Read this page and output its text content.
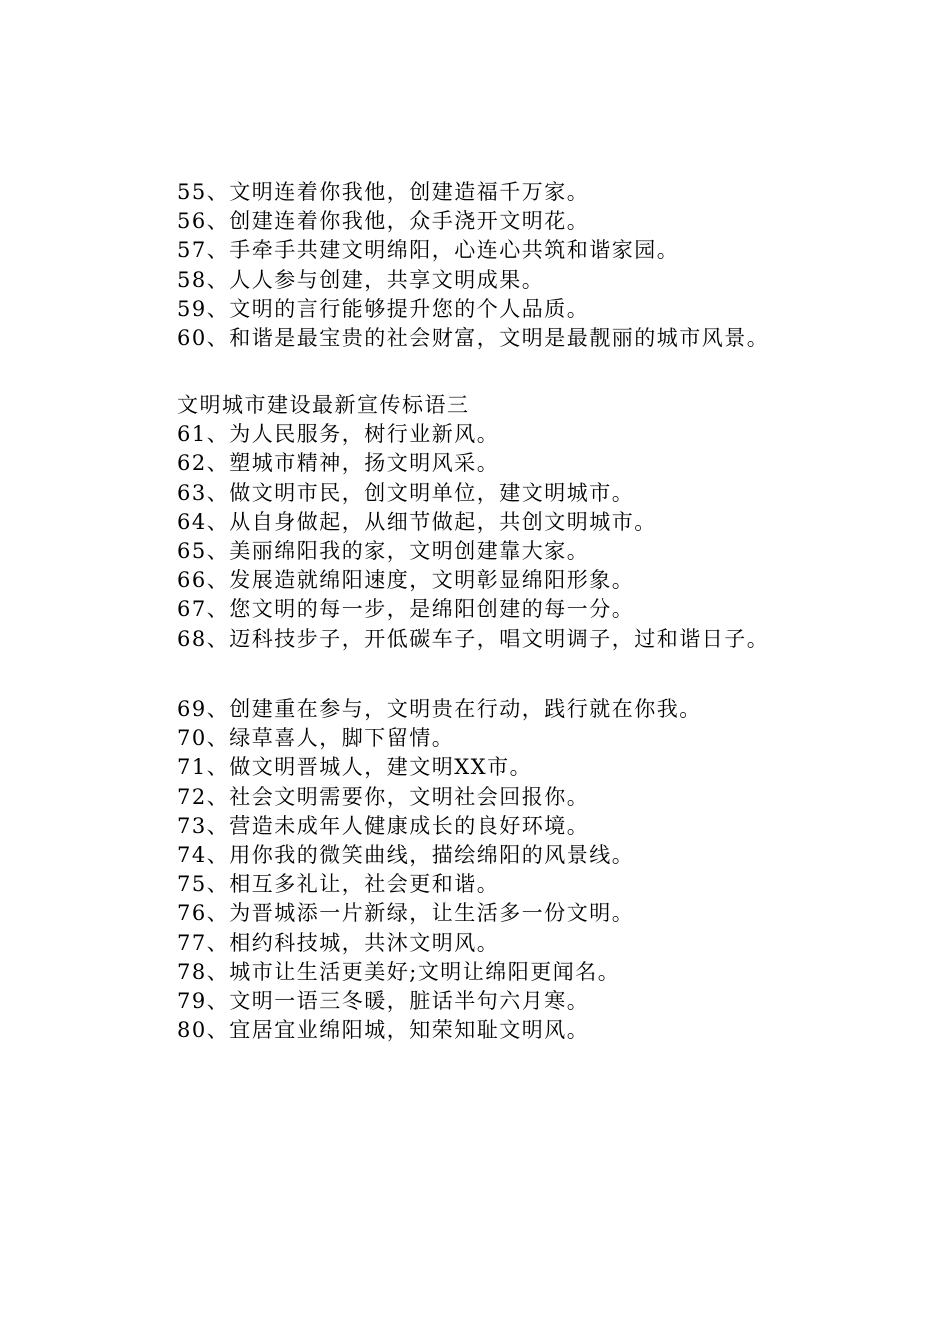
55、文明连着你我他，创建造福千万家。
56、创建连着你我他，众手浇开文明花。
57、手牵手共建文明绵阳，心连心共筑和谐家园。
58、人人参与创建，共享文明成果。
59、文明的言行能够提升您的个人品质。
60、和谐是最宝贵的社会财富，文明是最靓丽的城市风景。
文明城市建设最新宣传标语三
61、为人民服务，树行业新风。
62、塑城市精神，扬文明风采。
63、做文明市民，创文明单位，建文明城市。
64、从自身做起，从细节做起，共创文明城市。
65、美丽绵阳我的家，文明创建靠大家。
66、发展造就绵阳速度，文明彰显绵阳形象。
67、您文明的每一步，是绵阳创建的每一分。
68、迈科技步子，开低碳车子，唱文明调子，过和谐日子。
69、创建重在参与，文明贵在行动，践行就在你我。
70、绿草喜人，脚下留情。
71、做文明晋城人，建文明XX市。
72、社会文明需要你，文明社会回报你。
73、营造未成年人健康成长的良好环境。
74、用你我的微笑曲线，描绘绵阳的风景线。
75、相互多礼让，社会更和谐。
76、为晋城添一片新绿，让生活多一份文明。
77、相约科技城，共沐文明风。
78、城市让生活更美好;文明让绵阳更闻名。
79、文明一语三冬暖，脏话半句六月寒。
80、宜居宜业绵阳城，知荣知耻文明风。
